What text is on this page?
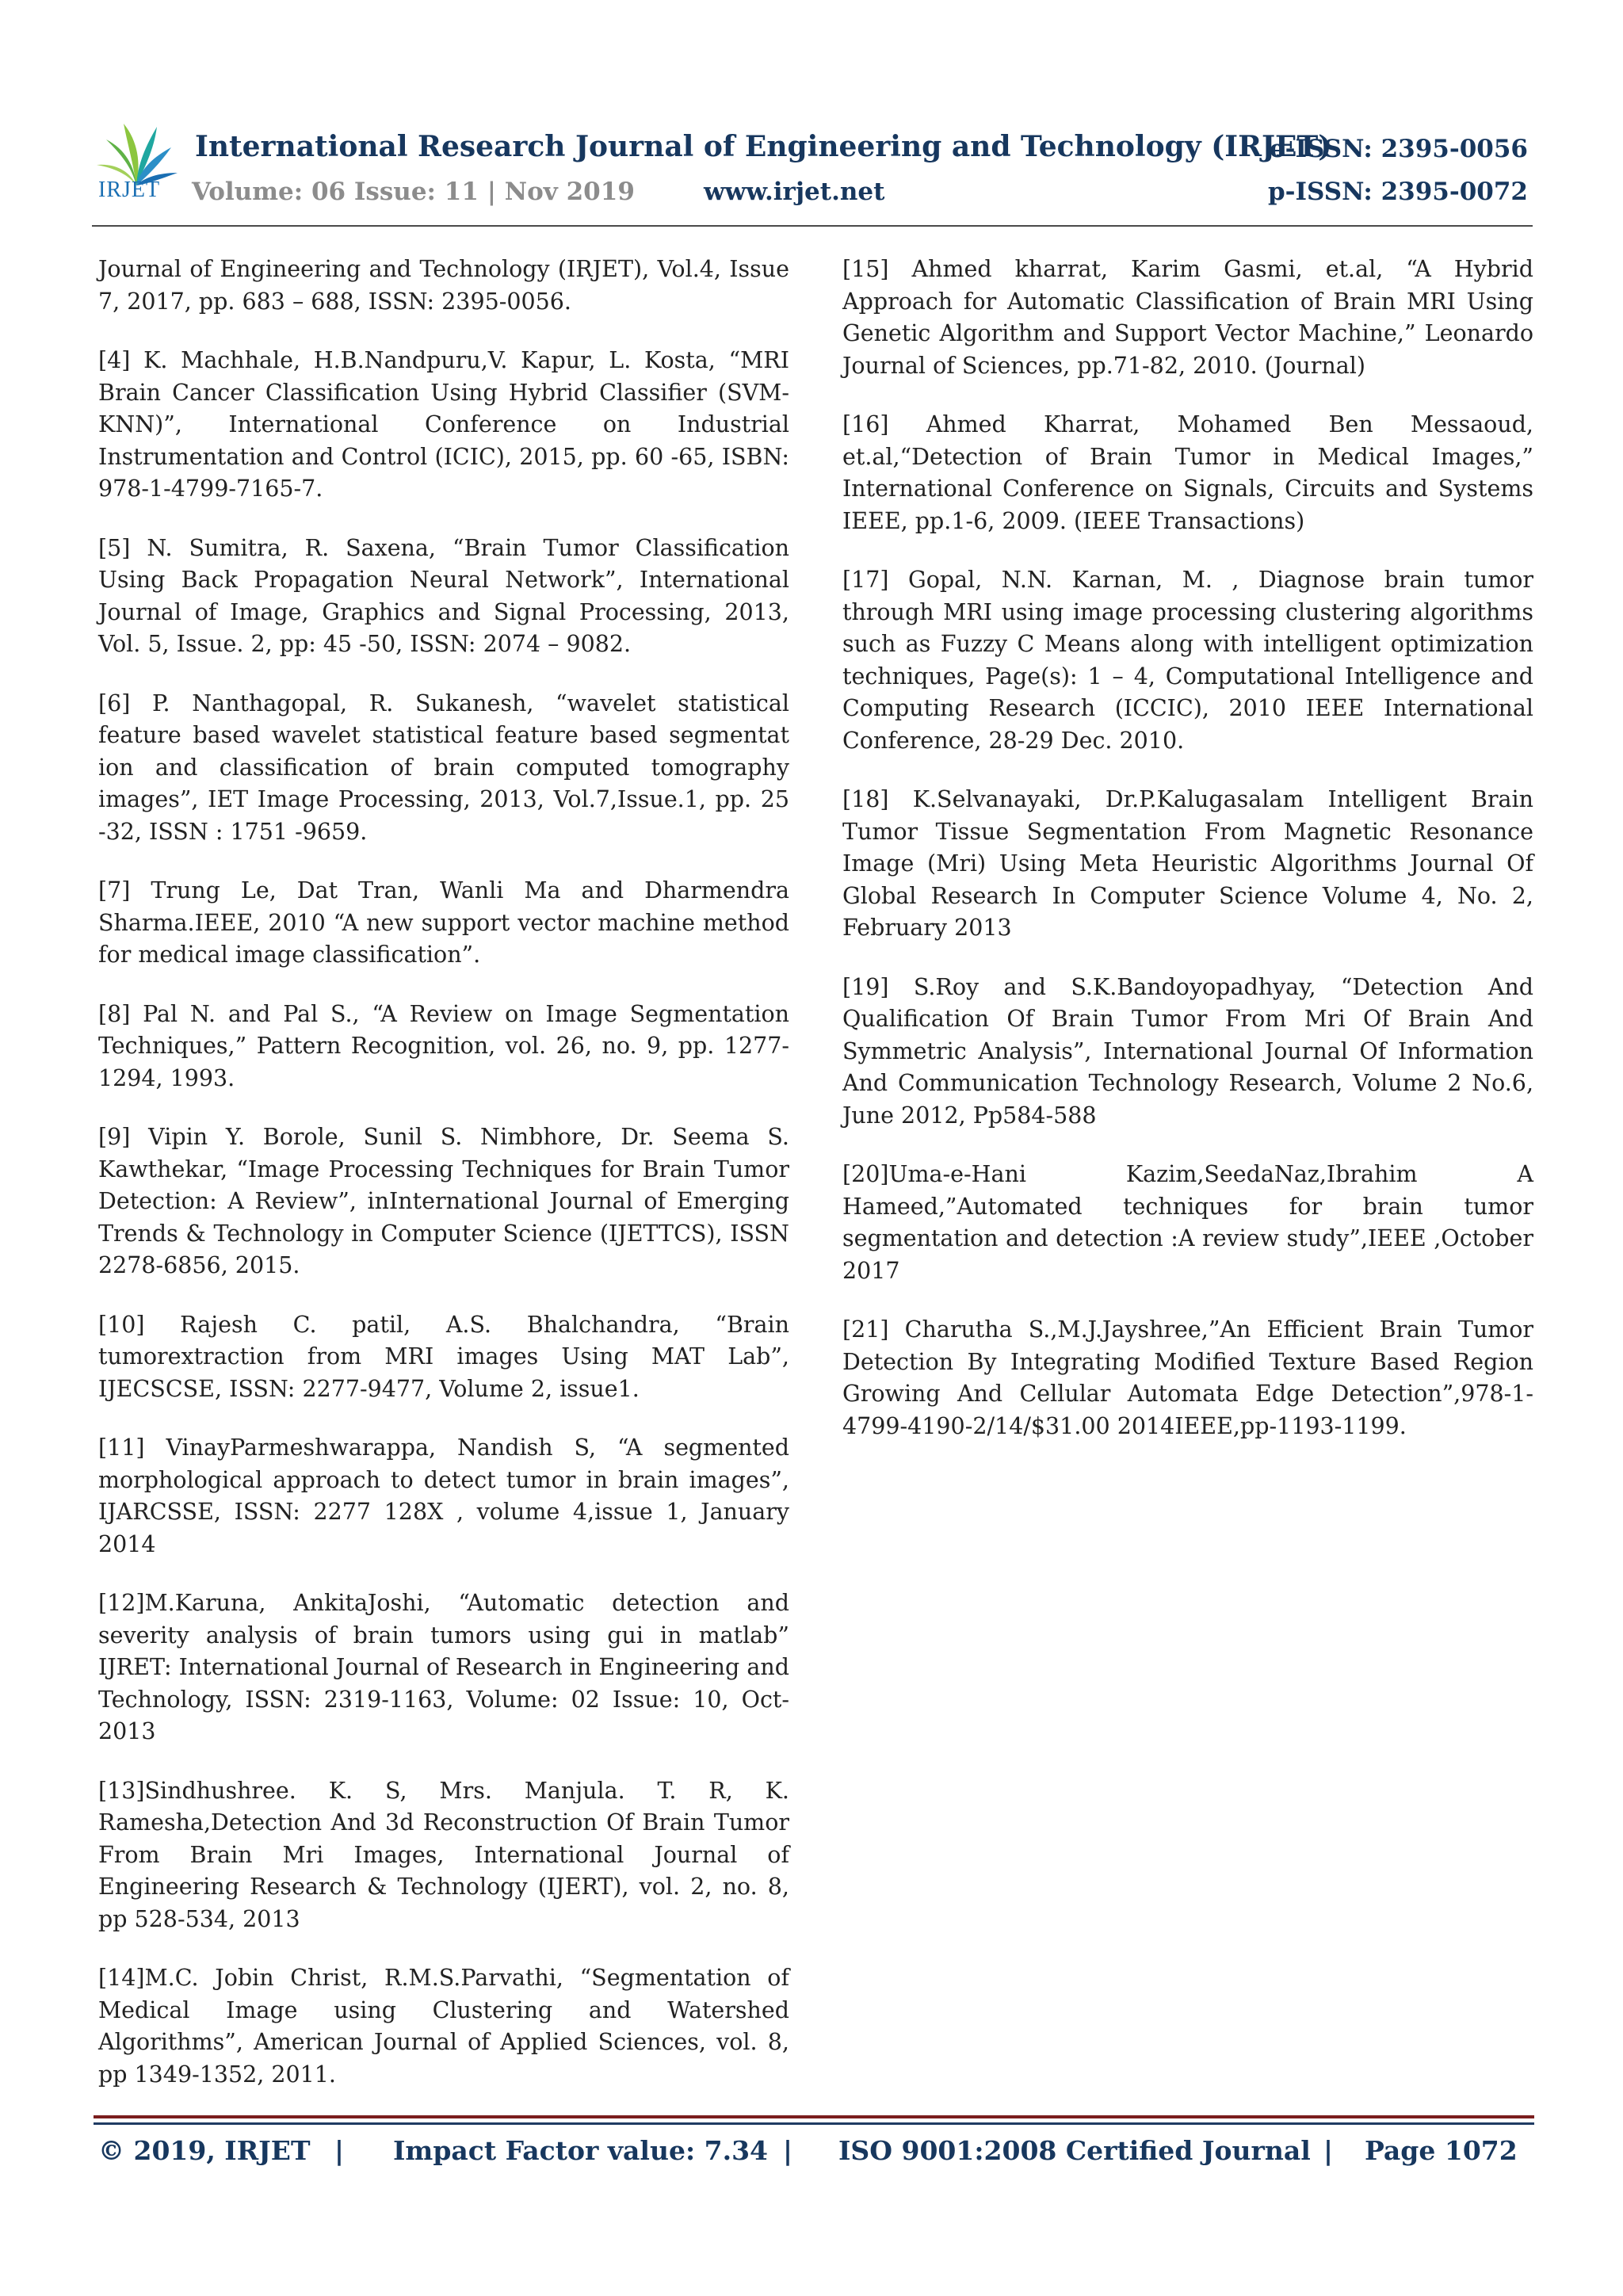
IRJET
International Research Journal of Engineering and Technology (IRJET)
Volume: 06 Issue: 11 | Nov 2019	www.irjet.net
e-ISSN: 2395-0056
p-ISSN: 2395-0072

Journal of Engineering and Technology (IRJET), Vol.4, Issue 7, 2017, pp. 683 – 688, ISSN: 2395-0056.

[4] K. Machhale, H.B.Nandpuru,V. Kapur, L. Kosta, “MRI Brain Cancer Classification Using Hybrid Classifier (SVM-KNN)”, International Conference on Industrial Instrumentation and Control (ICIC), 2015, pp. 60 -65, ISBN: 978-1-4799-7165-7.

[5] N. Sumitra, R. Saxena, “Brain Tumor Classification Using Back Propagation Neural Network”, International Journal of Image, Graphics and Signal Processing, 2013, Vol. 5, Issue. 2, pp: 45 -50, ISSN: 2074 – 9082.

[6] P. Nanthagopal, R. Sukanesh, “wavelet statistical feature based wavelet statistical feature based segmentat ion and classification of brain computed tomography images”, IET Image Processing, 2013, Vol.7,Issue.1, pp. 25 -32, ISSN : 1751 -9659.

[7] Trung Le, Dat Tran, Wanli Ma and Dharmendra Sharma.IEEE, 2010 “A new support vector machine method for medical image classification”.

[8] Pal N. and Pal S., “A Review on Image Segmentation Techniques,” Pattern Recognition, vol. 26, no. 9, pp. 1277-1294, 1993.

[9] Vipin Y. Borole, Sunil S. Nimbhore, Dr. Seema S. Kawthekar, “Image Processing Techniques for Brain Tumor Detection: A Review”, inInternational Journal of Emerging Trends & Technology in Computer Science (IJETTCS), ISSN 2278-6856, 2015.

[10] Rajesh C. patil, A.S. Bhalchandra, “Brain tumorextraction from MRI images Using MAT Lab”, IJECSCSE, ISSN: 2277-9477, Volume 2, issue1.

[11] VinayParmeshwarappa, Nandish S, “A segmented morphological approach to detect tumor in brain images”, IJARCSSE, ISSN: 2277 128X , volume 4,issue 1, January 2014

[12]M.Karuna, AnkitaJoshi, “Automatic detection and severity analysis of brain tumors using gui in matlab” IJRET: International Journal of Research in Engineering and Technology, ISSN: 2319-1163, Volume: 02 Issue: 10, Oct-2013

[13]Sindhushree. K. S, Mrs. Manjula. T. R, K. Ramesha,Detection And 3d Reconstruction Of Brain Tumor From Brain Mri Images, International Journal of Engineering Research & Technology (IJERT), vol. 2, no. 8, pp 528-534, 2013

[14]M.C. Jobin Christ, R.M.S.Parvathi, “Segmentation of Medical Image using Clustering and Watershed Algorithms”, American Journal of Applied Sciences, vol. 8, pp 1349-1352, 2011.

[15] Ahmed kharrat, Karim Gasmi, et.al, “A Hybrid Approach for Automatic Classification of Brain MRI Using Genetic Algorithm and Support Vector Machine,” Leonardo Journal of Sciences, pp.71-82, 2010. (Journal)

[16] Ahmed Kharrat, Mohamed Ben Messaoud, et.al,“Detection of Brain Tumor in Medical Images,” International Conference on Signals, Circuits and Systems IEEE, pp.1-6, 2009. (IEEE Transactions)

[17] Gopal, N.N. Karnan, M. , Diagnose brain tumor through MRI using image processing clustering algorithms such as Fuzzy C Means along with intelligent optimization techniques, Page(s): 1 – 4, Computational Intelligence and Computing Research (ICCIC), 2010 IEEE International Conference, 28-29 Dec. 2010.

[18] K.Selvanayaki, Dr.P.Kalugasalam Intelligent Brain Tumor Tissue Segmentation From Magnetic Resonance Image (Mri) Using Meta Heuristic Algorithms Journal Of Global Research In Computer Science Volume 4, No. 2, February 2013

[19] S.Roy and S.K.Bandoyopadhyay, “Detection And Qualification Of Brain Tumor From Mri Of Brain And Symmetric Analysis”, International Journal Of Information And Communication Technology Research, Volume 2 No.6, June 2012, Pp584-588

[20]Uma-e-Hani Kazim,SeedaNaz,Ibrahim A Hameed,”Automated techniques for brain tumor segmentation and detection :A review study”,IEEE ,October 2017

[21] Charutha S.,M.J.Jayshree,”An Efficient Brain Tumor Detection By Integrating Modified Texture Based Region Growing And Cellular Automata Edge Detection”,978-1-4799-4190-2/14/$31.00 2014IEEE,pp-1193-1199.

© 2019, IRJET | Impact Factor value: 7.34 | ISO 9001:2008 Certified Journal | Page 1072
